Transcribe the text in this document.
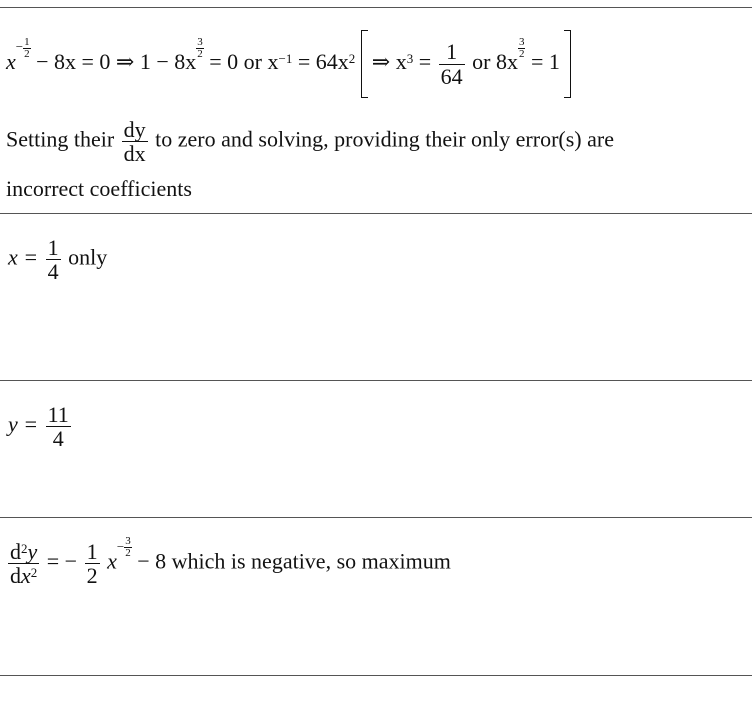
$x^{- \frac{1}{2}}$
− 8x = 0 ⇒ 1 − 8x
$^{\frac{3}{2}}$
= 0 or $x^{-1} = 64x^2$ ⇒ $x^3 = \frac{1}{64}$ or 8x
$^{\frac{3}{2}}$
= 1
Setting their $\frac{dy}{dx}$ to zero and solving, providing their only error(s) are
incorrect coefficients
$x = \frac{1}{4}$ only
$y = \frac{11}{4}$
$\frac{d^2y}{dx^2}$ = − $\frac{1}{2} x^{- \frac{3}{2}}$
− 8 which is negative, so maximum
